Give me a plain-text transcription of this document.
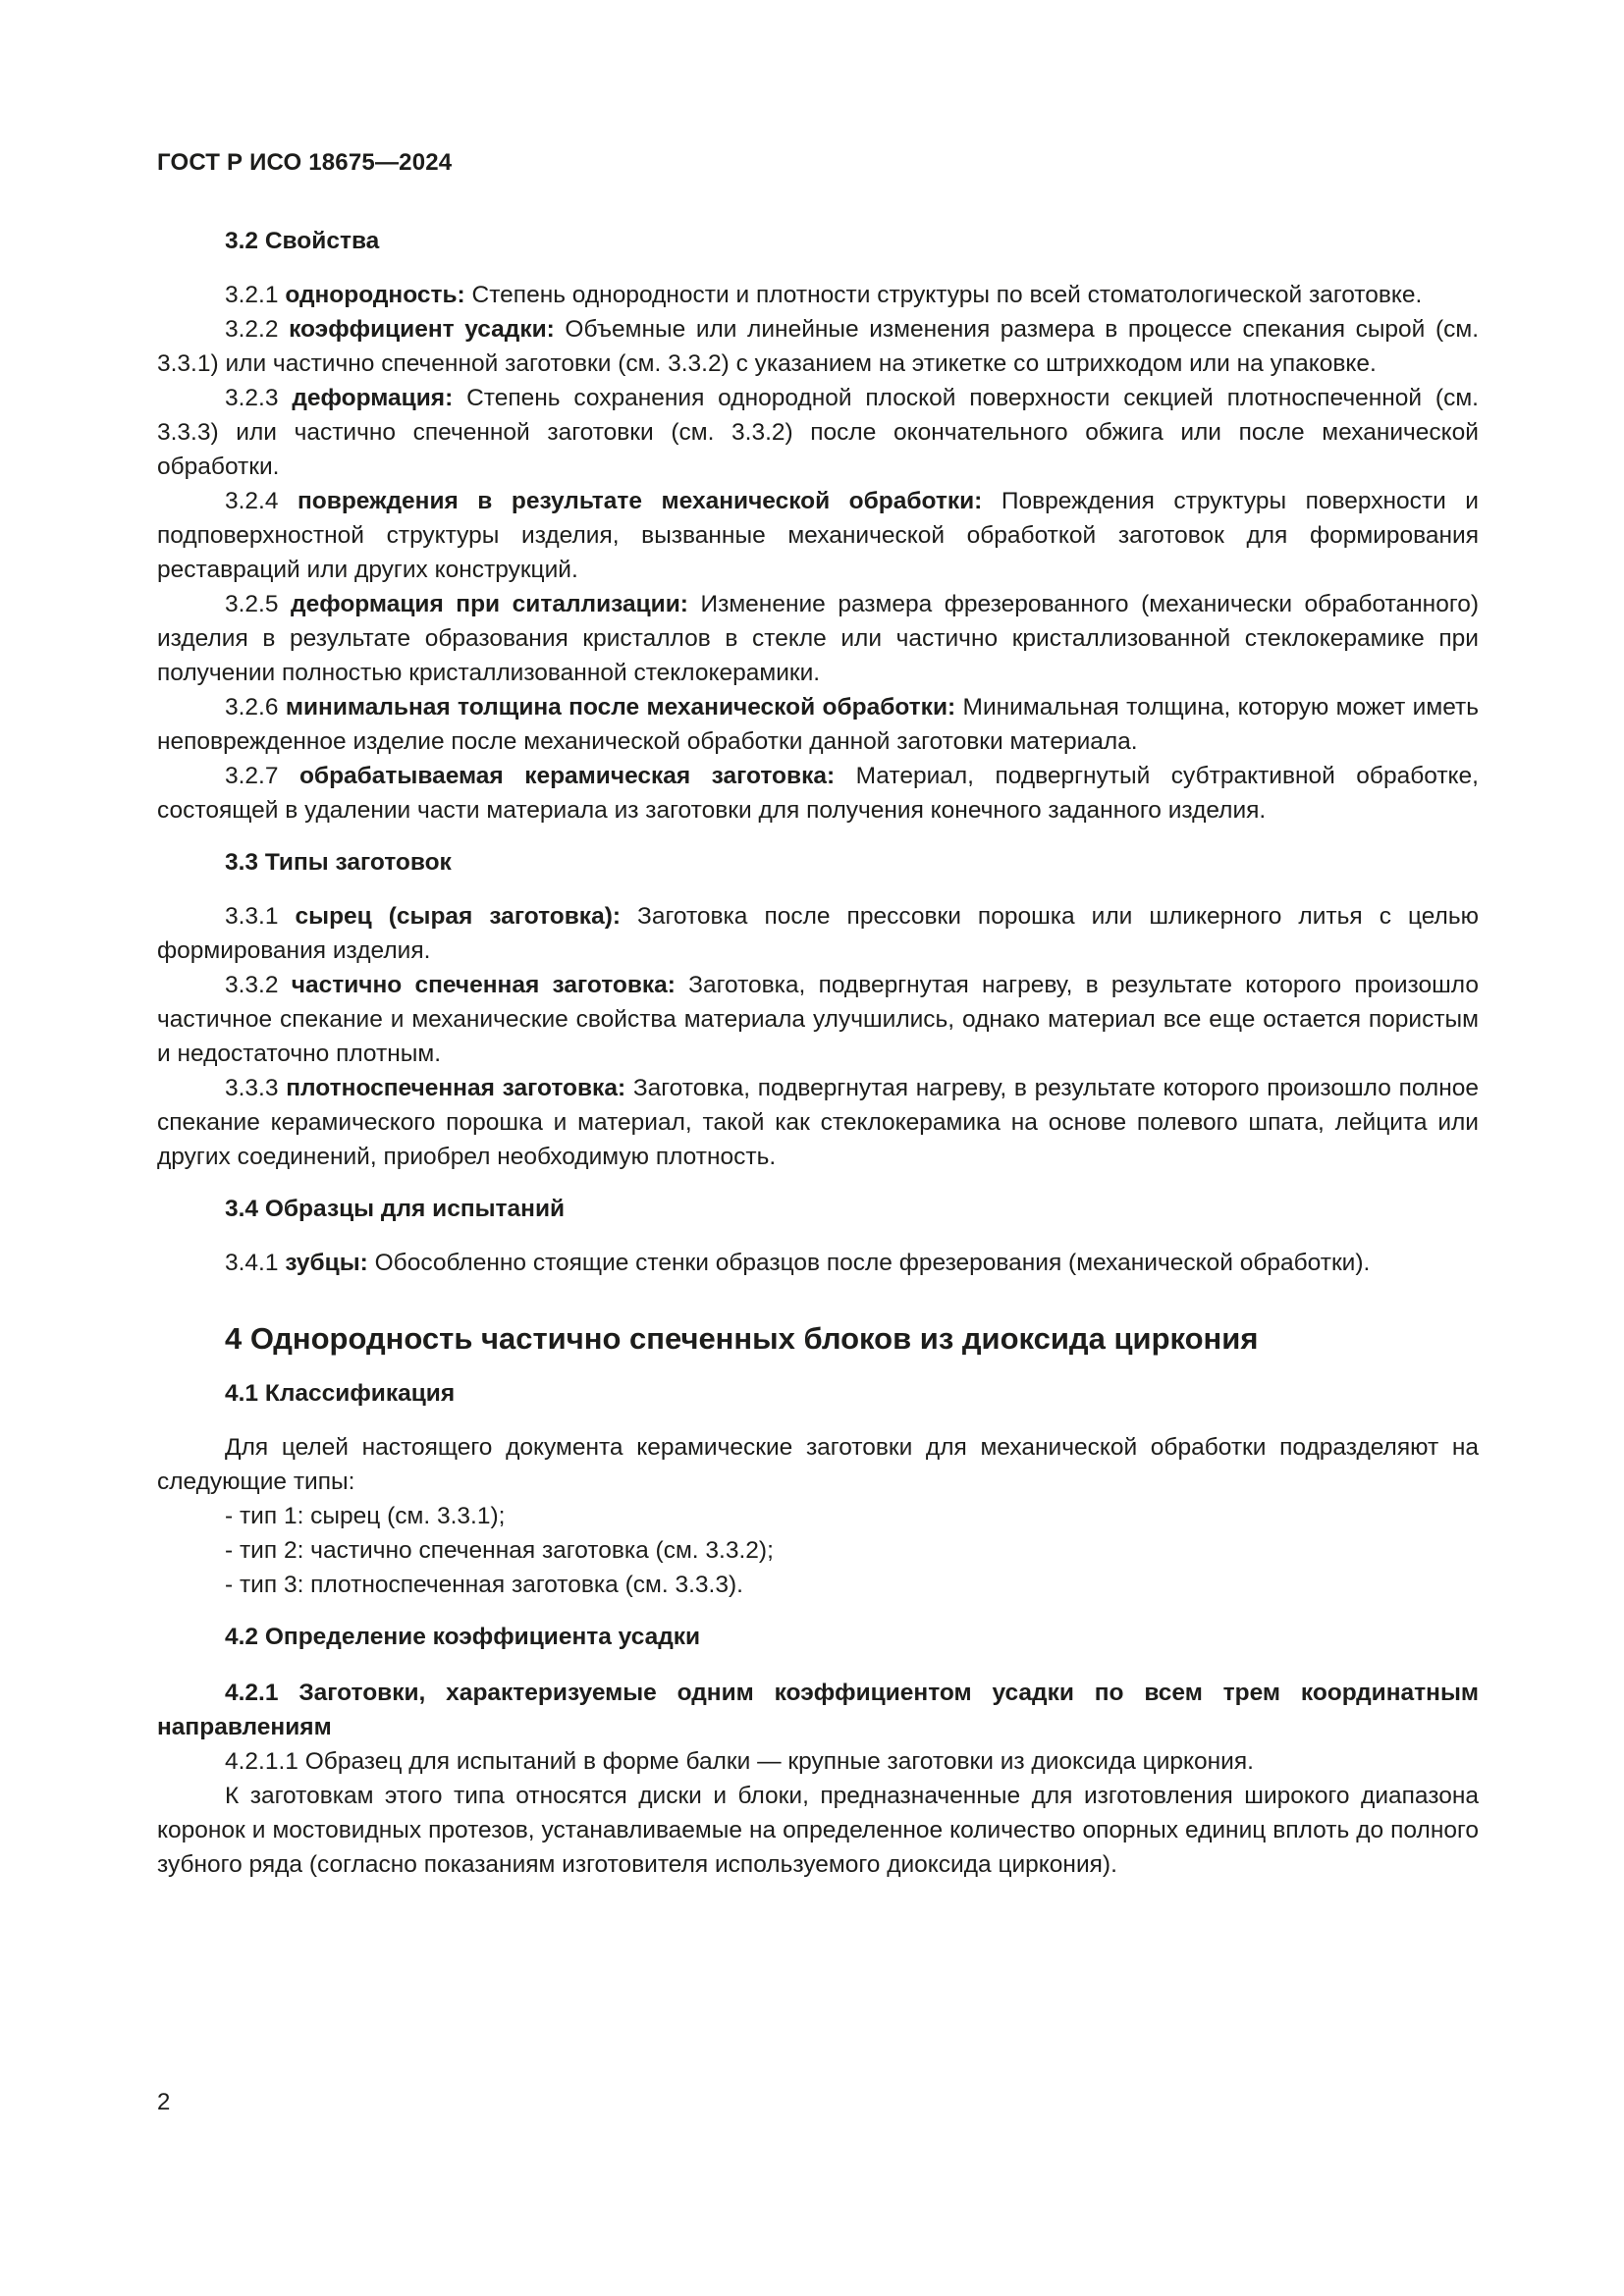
ГОСТ Р ИСО 18675—2024
3.2 Свойства

3.2.1 однородность: Степень однородности и плотности структуры по всей стоматологической заготовке.

3.2.2 коэффициент усадки: Объемные или линейные изменения размера в процессе спекания сырой (см. 3.3.1) или частично спеченной заготовки (см. 3.3.2) с указанием на этикетке со штрихкодом или на упаковке.

3.2.3 деформация: Степень сохранения однородной плоской поверхности секцией плотноспеченной (см. 3.3.3) или частично спеченной заготовки (см. 3.3.2) после окончательного обжига или после механической обработки.

3.2.4 повреждения в результате механической обработки: Повреждения структуры поверхности и подповерхностной структуры изделия, вызванные механической обработкой заготовок для формирования реставраций или других конструкций.

3.2.5 деформация при ситаллизации: Изменение размера фрезерованного (механически обработанного) изделия в результате образования кристаллов в стекле или частично кристаллизованной стеклокерамике при получении полностью кристаллизованной стеклокерамики.

3.2.6 минимальная толщина после механической обработки: Минимальная толщина, которую может иметь неповрежденное изделие после механической обработки данной заготовки материала.

3.2.7 обрабатываемая керамическая заготовка: Материал, подвергнутый субтрактивной обработке, состоящей в удалении части материала из заготовки для получения конечного заданного изделия.

3.3 Типы заготовок

3.3.1 сырец (сырая заготовка): Заготовка после прессовки порошка или шликерного литья с целью формирования изделия.

3.3.2 частично спеченная заготовка: Заготовка, подвергнутая нагреву, в результате которого произошло частичное спекание и механические свойства материала улучшились, однако материал все еще остается пористым и недостаточно плотным.

3.3.3 плотноспеченная заготовка: Заготовка, подвергнутая нагреву, в результате которого произошло полное спекание керамического порошка и материал, такой как стеклокерамика на основе полевого шпата, лейцита или других соединений, приобрел необходимую плотность.

3.4 Образцы для испытаний

3.4.1 зубцы: Обособленно стоящие стенки образцов после фрезерования (механической обработки).

4 Однородность частично спеченных блоков из диоксида циркония
4.1 Классификация

Для целей настоящего документа керамические заготовки для механической обработки подразделяют на следующие типы:

- тип 1: сырец (см. 3.3.1);

- тип 2: частично спеченная заготовка (см. 3.3.2);

- тип 3: плотноспеченная заготовка (см. 3.3.3).

4.2 Определение коэффициента усадки

4.2.1 Заготовки, характеризуемые одним коэффициентом усадки по всем трем координатным направлениям

4.2.1.1 Образец для испытаний в форме балки — крупные заготовки из диоксида циркония.

К заготовкам этого типа относятся диски и блоки, предназначенные для изготовления широкого диапазона коронок и мостовидных протезов, устанавливаемые на определенное количество опорных единиц вплоть до полного зубного ряда (согласно показаниям изготовителя используемого диоксида циркония).

2
